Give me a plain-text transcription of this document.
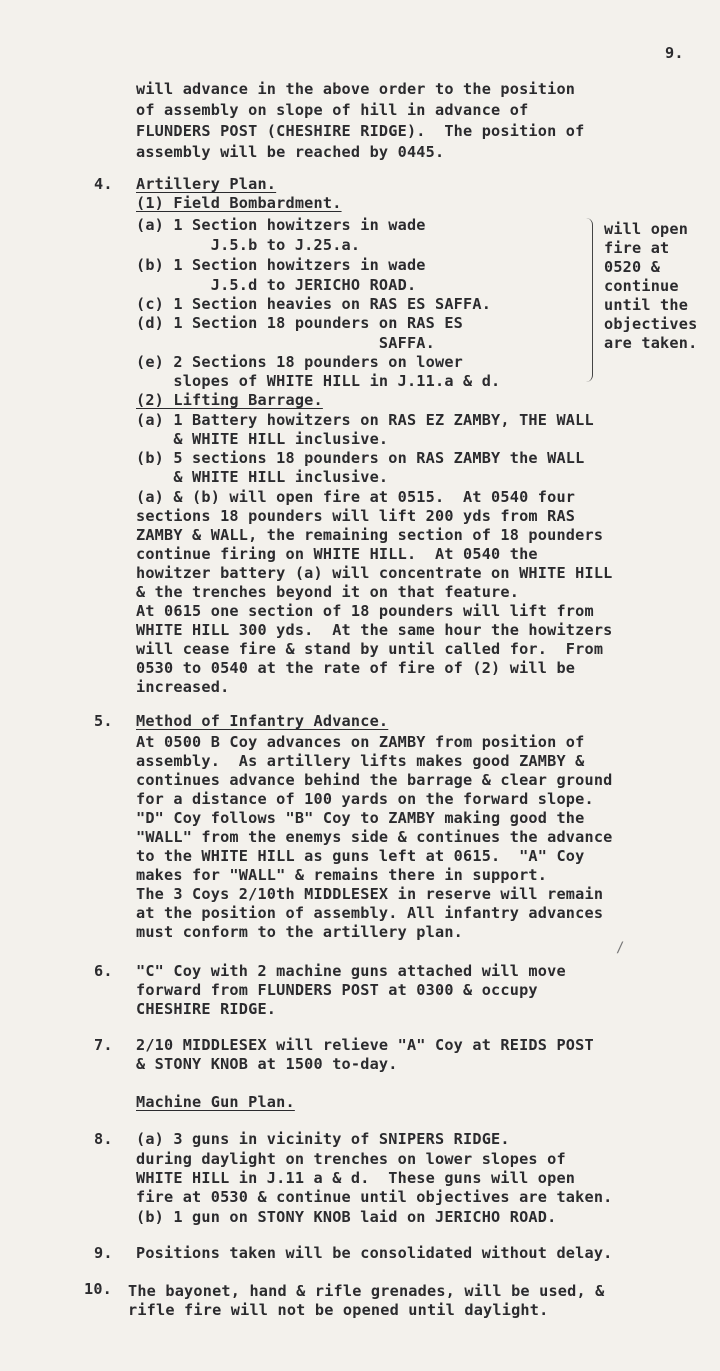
9.
will advance in the above order to the position
of assembly on slope of hill in advance of
FLUNDERS POST (CHESHIRE RIDGE).  The position of
assembly will be reached by 0445.
4. Artillery Plan.
(1) Field Bombardment.
(a) 1 Section howitzers in wade
J.5.b to J.25.a.
(b) 1 Section howitzers in wade
J.5.d to JERICHO ROAD.
(c) 1 Section heavies on RAS ES SAFFA.
(d) 1 Section 18 pounders on RAS ES
SAFFA.
(e) 2 Sections 18 pounders on lower
slopes of WHITE HILL in J.11.a & d.
will open
fire at
0520 &
continue
until the
objectives
are taken.
(2) Lifting Barrage.
(a) 1 Battery howitzers on RAS EZ ZAMBY, THE WALL
& WHITE HILL inclusive.
(b) 5 sections 18 pounders on RAS ZAMBY the WALL
& WHITE HILL inclusive.
(a) & (b) will open fire at 0515.  At 0540 four
sections 18 pounders will lift 200 yds from RAS
ZAMBY & WALL, the remaining section of 18 pounders
continue firing on WHITE HILL.  At 0540 the
howitzer battery (a) will concentrate on WHITE HILL
& the trenches beyond it on that feature.
At 0615 one section of 18 pounders will lift from
WHITE HILL 300 yds.  At the same hour the howitzers
will cease fire & stand by until called for.  From
0530 to 0540 at the rate of fire of (2) will be
increased.
5. Method of Infantry Advance.
At 0500 B Coy advances on ZAMBY from position of
assembly.  As artillery lifts makes good ZAMBY &
continues advance behind the barrage & clear ground
for a distance of 100 yards on the forward slope.
"D" Coy follows "B" Coy to ZAMBY making good the
"WALL" from the enemys side & continues the advance
to the WHITE HILL as guns left at 0615.  "A" Coy
makes for "WALL" & remains there in support.
The 3 Coys 2/10th MIDDLESEX in reserve will remain
at the position of assembly. All infantry advances
must conform to the artillery plan.
/
6. "C" Coy with 2 machine guns attached will move
forward from FLUNDERS POST at 0300 & occupy
CHESHIRE RIDGE.
7. 2/10 MIDDLESEX will relieve "A" Coy at REIDS POST
& STONY KNOB at 1500 to-day.
Machine Gun Plan.
8. (a) 3 guns in vicinity of SNIPERS RIDGE.
during daylight on trenches on lower slopes of
WHITE HILL in J.11 a & d.  These guns will open
fire at 0530 & continue until objectives are taken.
(b) 1 gun on STONY KNOB laid on JERICHO ROAD.
9. Positions taken will be consolidated without delay.
10. The bayonet, hand & rifle grenades, will be used, &
rifle fire will not be opened until daylight.
